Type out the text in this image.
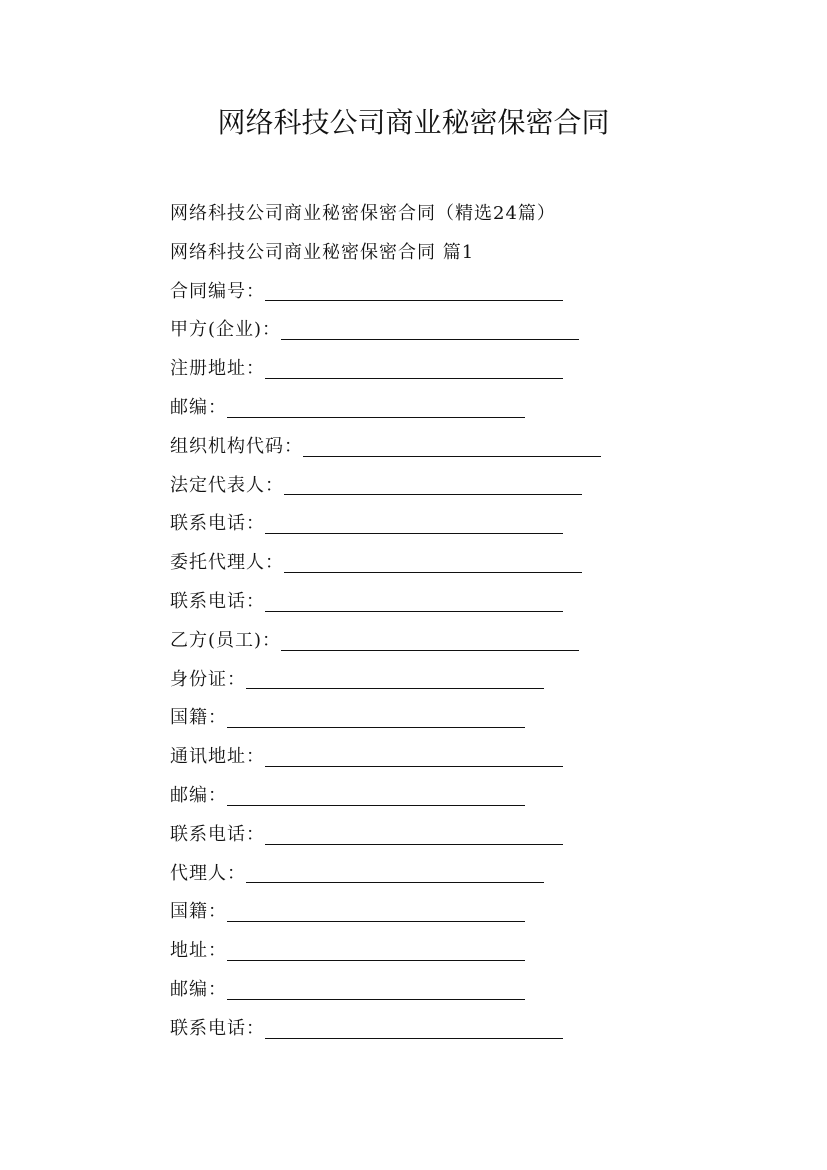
网络科技公司商业秘密保密合同
网络科技公司商业秘密保密合同（精选24篇）
网络科技公司商业秘密保密合同 篇1
合同编号：
甲方(企业)：
注册地址：
邮编：
组织机构代码：
法定代表人：
联系电话：
委托代理人：
联系电话：
乙方(员工)：
身份证：
国籍：
通讯地址：
邮编：
联系电话：
代理人：
国籍：
地址：
邮编：
联系电话：
